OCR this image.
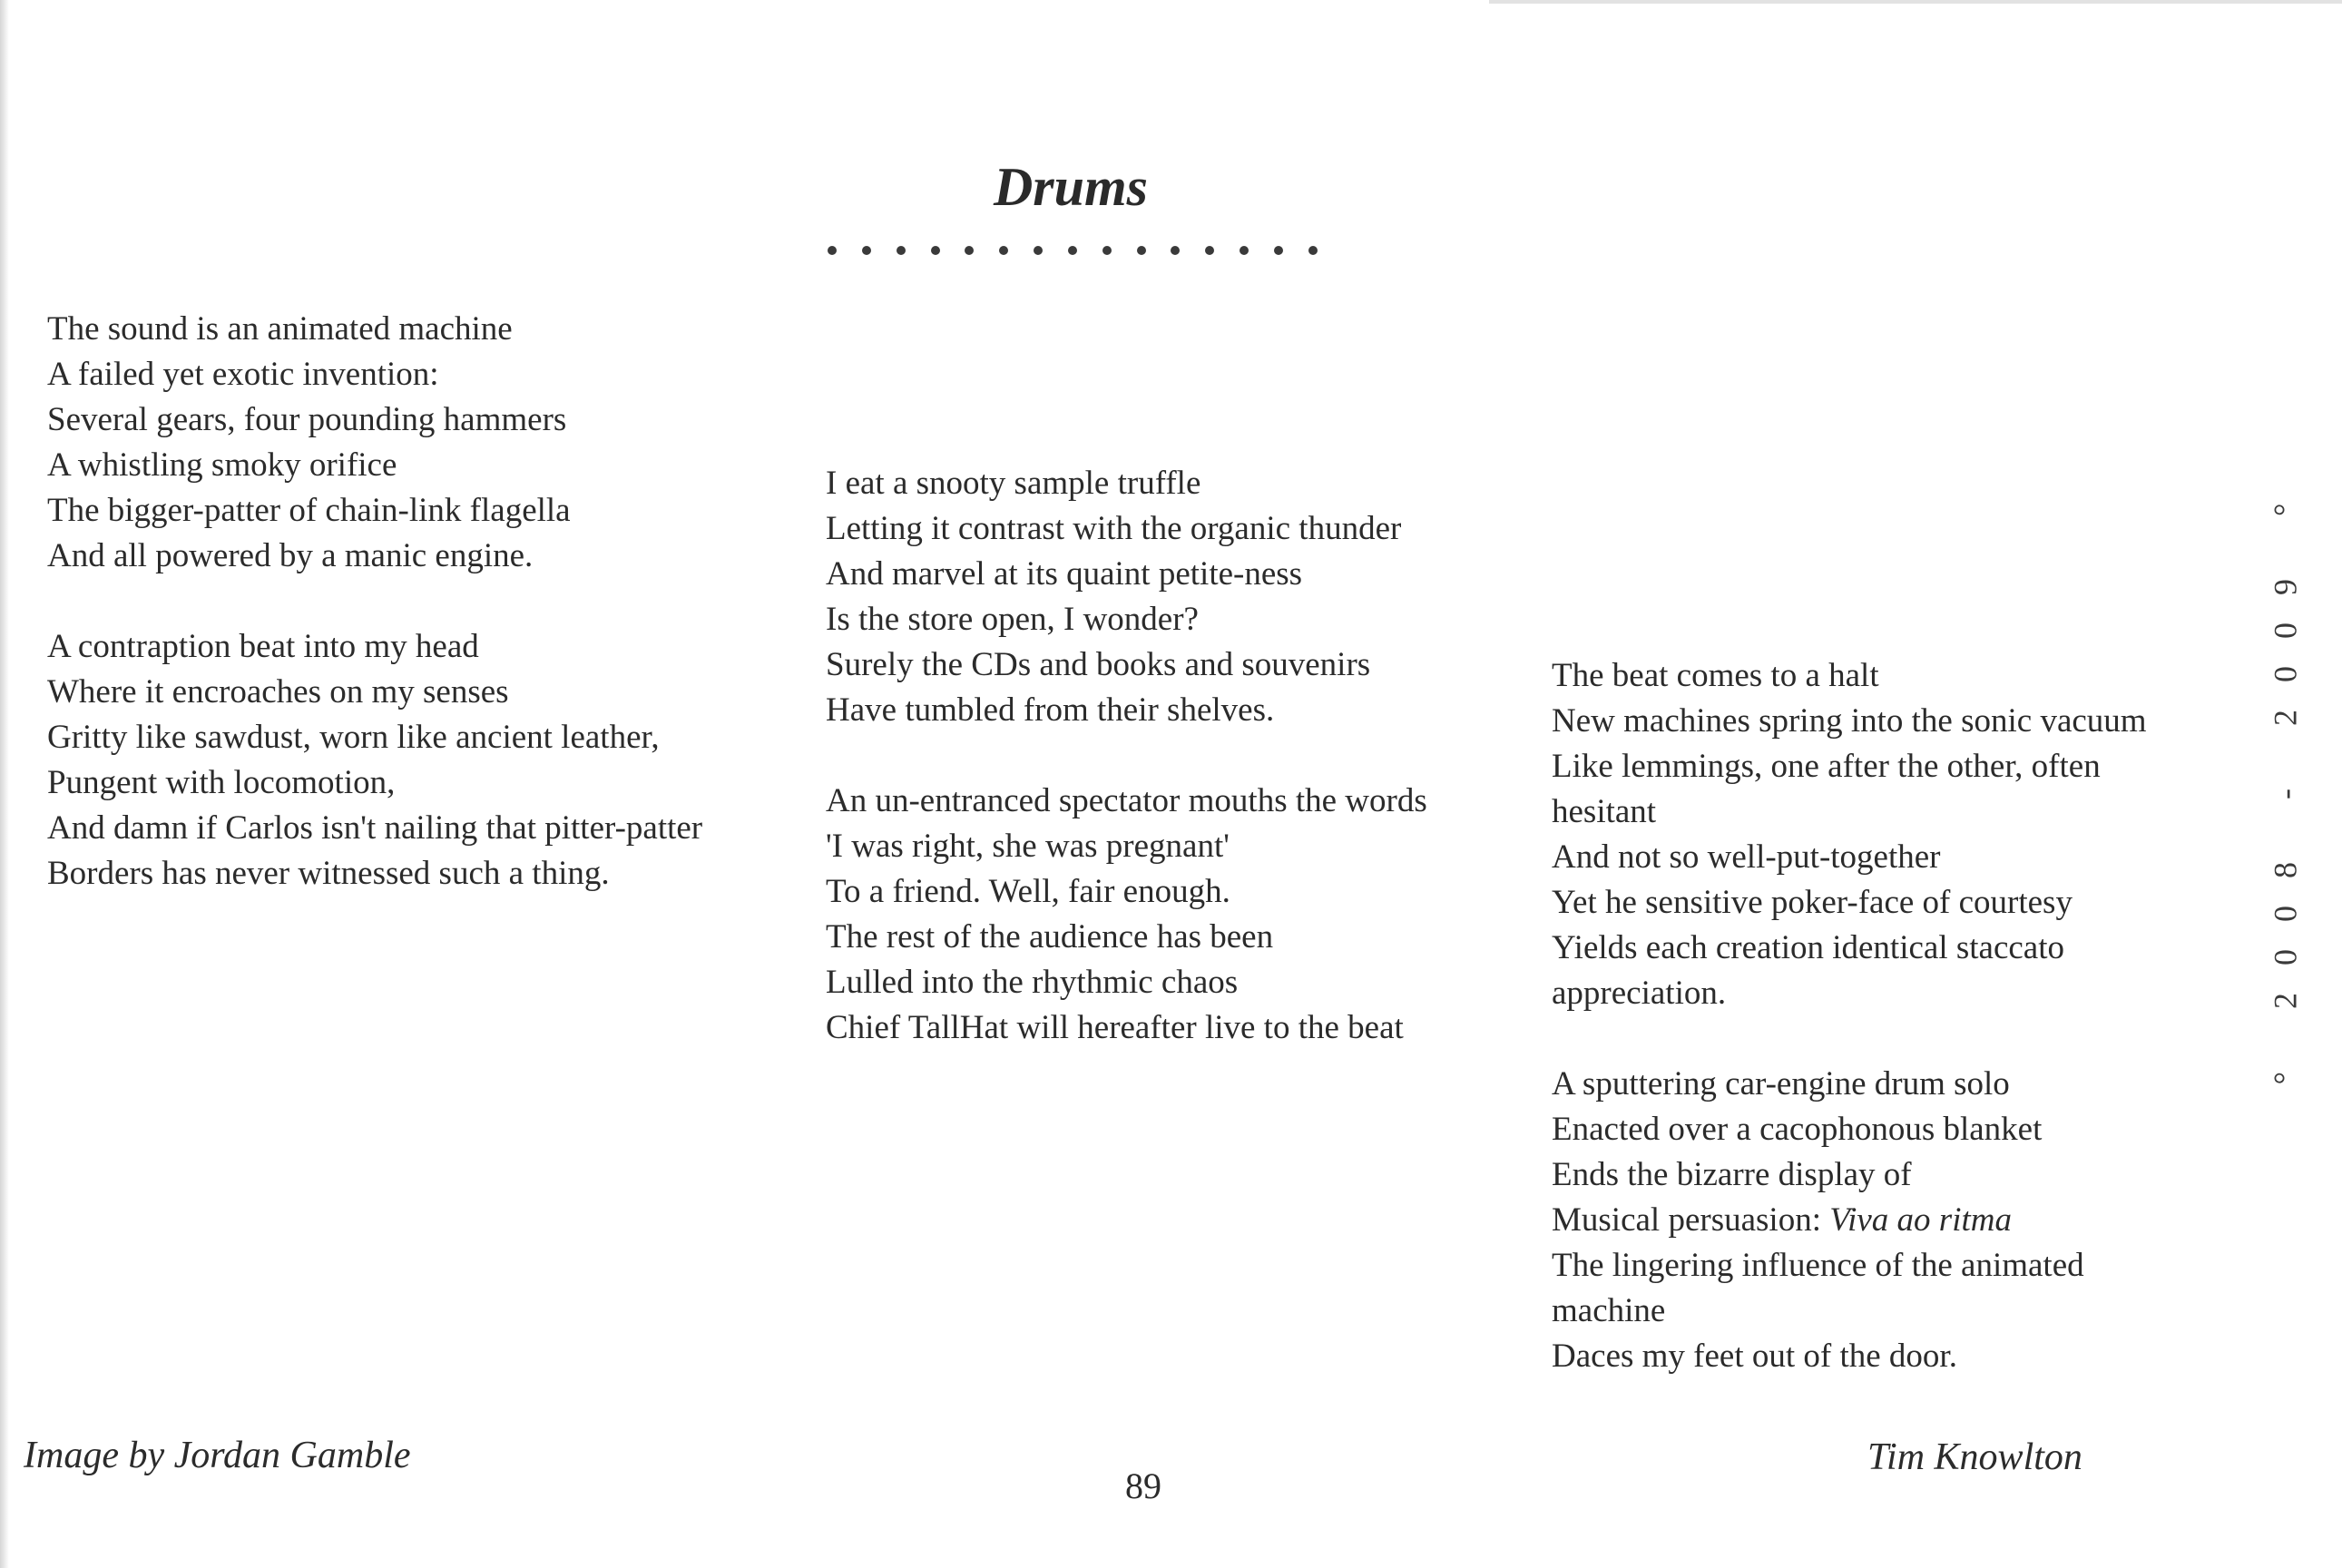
Drums
The sound is an animated machine
A failed yet exotic invention:
Several gears, four pounding hammers
A whistling smoky orifice
The bigger-patter of chain-link flagella
And all powered by a manic engine.
A contraption beat into my head
Where it encroaches on my senses
Gritty like sawdust, worn like ancient leather,
Pungent with locomotion,
And damn if Carlos isn't nailing that pitter-patter
Borders has never witnessed such a thing.
I eat a snooty sample truffle
Letting it contrast with the organic thunder
And marvel at its quaint petite-ness
Is the store open, I wonder?
Surely the CDs and books and souvenirs
Have tumbled from their shelves.
An un-entranced spectator mouths the words
'I was right, she was pregnant'
To a friend. Well, fair enough.
The rest of the audience has been
Lulled into the rhythmic chaos
Chief TallHat will hereafter live to the beat
The beat comes to a halt
New machines spring into the sonic vacuum
Like lemmings, one after the other, often
hesitant
And not so well-put-together
Yet he sensitive poker-face of courtesy
Yields each creation identical staccato
appreciation.
A sputtering car-engine drum solo
Enacted over a cacophonous blanket
Ends the bizarre display of
Musical persuasion: Viva ao ritma
The lingering influence of the animated
machine
Daces my feet out of the door.
Image by Jordan Gamble	Tim Knowlton
89
° 2008 - 2009 °
